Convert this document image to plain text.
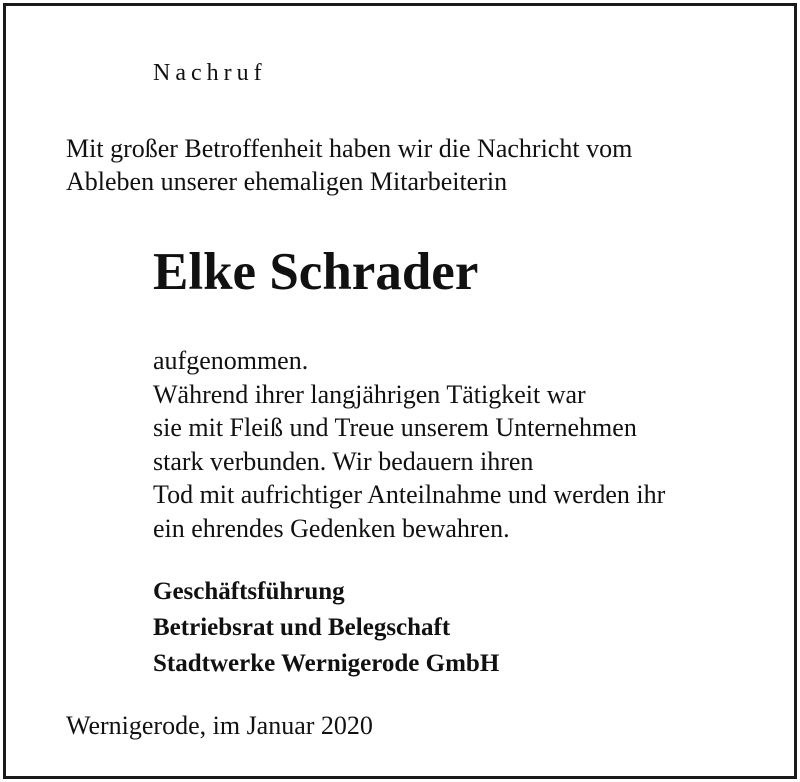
Nachruf
Mit großer Betroffenheit haben wir die Nachricht vom
Ableben unserer ehemaligen Mitarbeiterin
Elke Schrader
aufgenommen.
Während ihrer langjährigen Tätigkeit war
sie mit Fleiß und Treue unserem Unternehmen
stark verbunden. Wir bedauern ihren
Tod mit aufrichtiger Anteilnahme und werden ihr
ein ehrendes Gedenken bewahren.
Geschäftsführung
Betriebsrat und Belegschaft
Stadtwerke Wernigerode GmbH
Wernigerode, im Januar 2020
